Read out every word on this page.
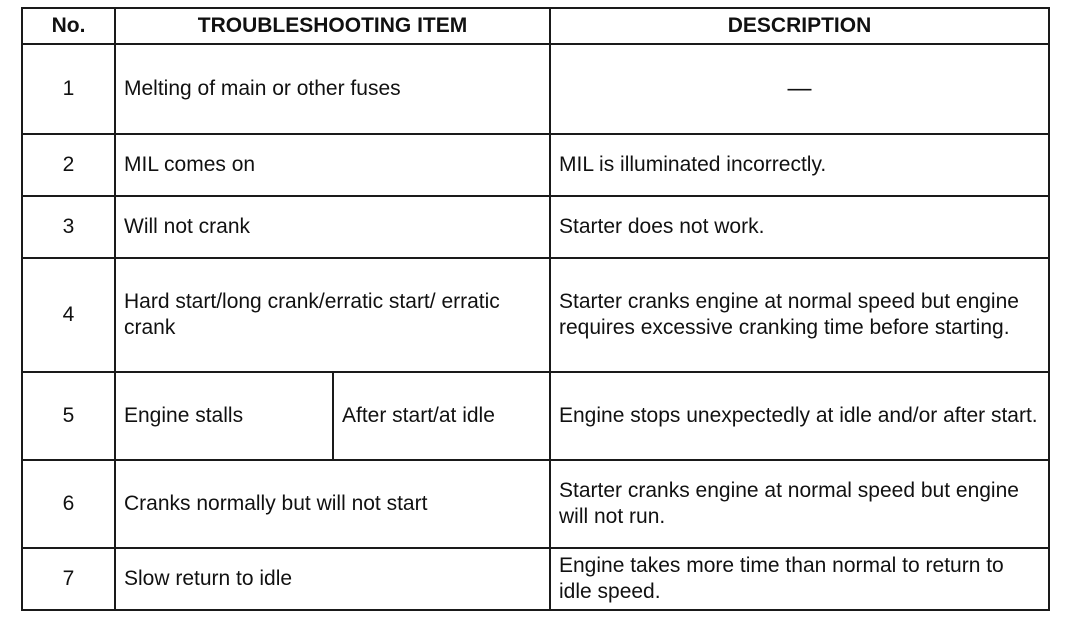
No.	TROUBLESHOOTING ITEM		DESCRIPTION
1	Melting of main or other fuses		—
2	MIL comes on		MIL is illuminated incorrectly.
3	Will not crank		Starter does not work.
4	Hard start/long crank/erratic start/ erratic crank		Starter cranks engine at normal speed but engine requires excessive cranking time before starting.
5	Engine stalls	After start/at idle	Engine stops unexpectedly at idle and/or after start.
6	Cranks normally but will not start		Starter cranks engine at normal speed but engine will not run.
7	Slow return to idle		Engine takes more time than normal to return to idle speed.
